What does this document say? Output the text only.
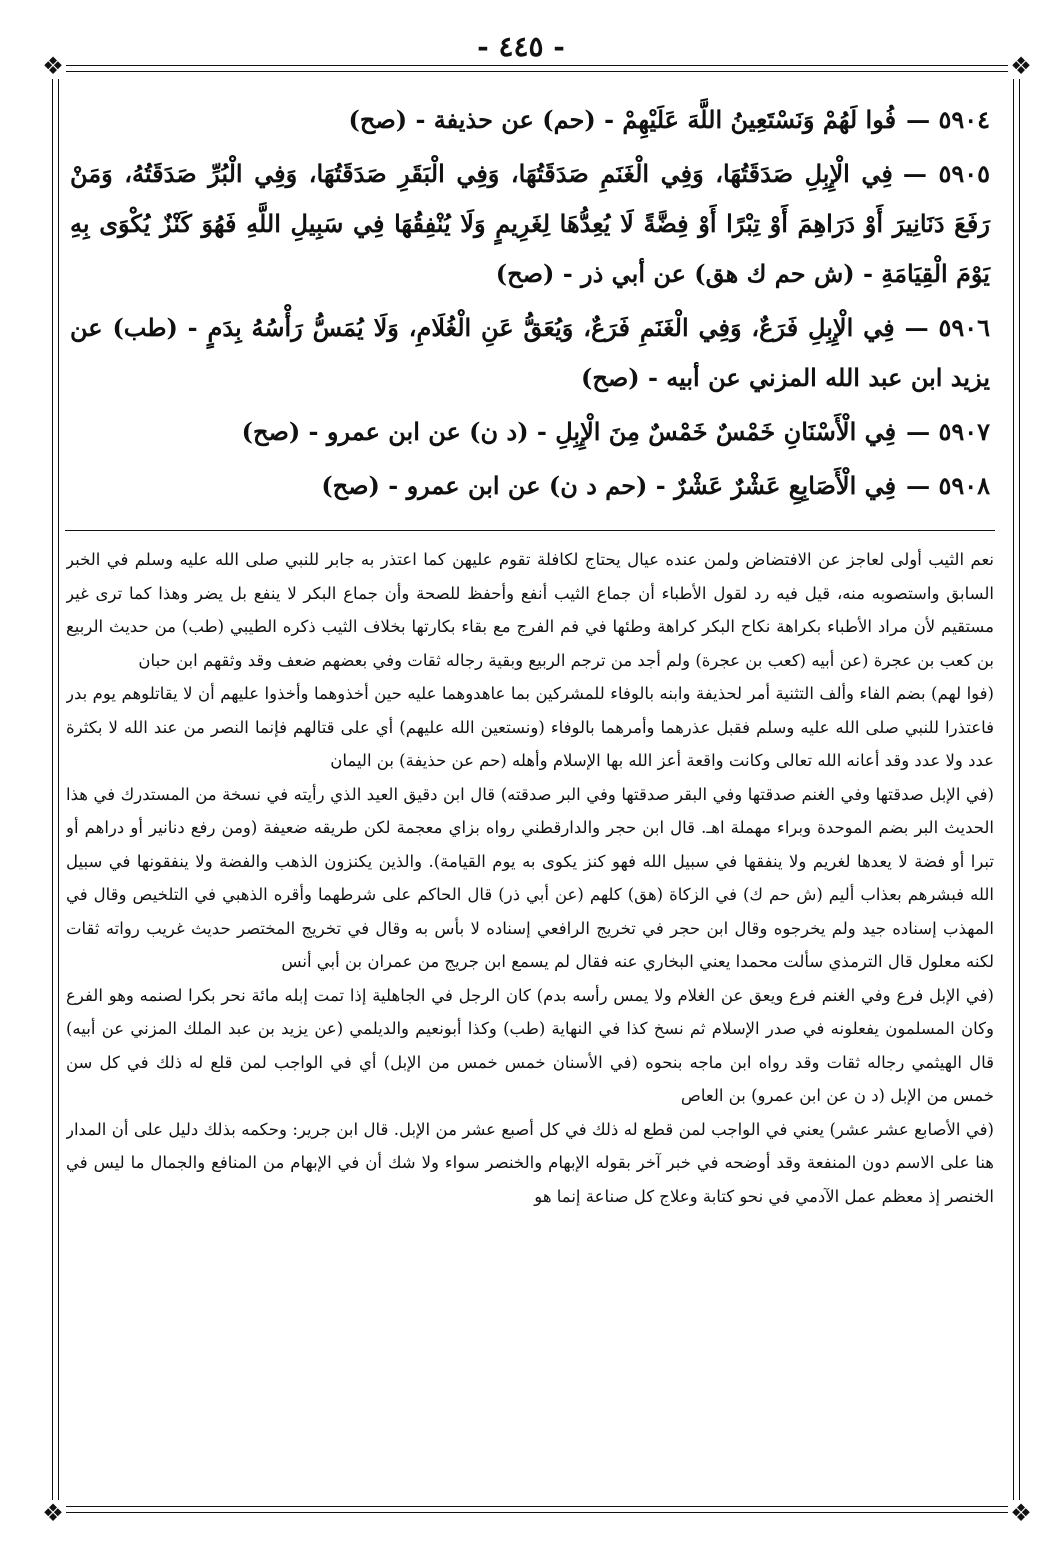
❖	❖
❖	❖
- ٤٤٥ -

٥٩٠٤ —فُوا لَهُمْ وَنَسْتَعِينُ اللَّهَ عَلَيْهِمْ - (حم) عن حذيفة - (صح)

٥٩٠٥ —فِي الْإِبِلِ صَدَقَتُهَا، وَفِي الْغَنَمِ صَدَقَتُهَا، وَفِي الْبَقَرِ صَدَقَتُهَا، وَفِي الْبُرِّ صَدَقَتُهُ، وَمَنْ رَفَعَ دَنَانِيرَ أَوْ دَرَاهِمَ أَوْ تِبْرًا أَوْ فِضَّةً لَا يُعِدُّهَا لِغَرِيمٍ وَلَا يُنْفِقُهَا فِي سَبِيلِ اللَّهِ فَهُوَ كَنْزٌ يُكْوَى بِهِ يَوْمَ الْقِيَامَةِ - (ش حم ك هق) عن أبي ذر - (صح)

٥٩٠٦ —فِي الْإِبِلِ فَرَعٌ، وَفِي الْغَنَمِ فَرَعٌ، وَيُعَقُّ عَنِ الْغُلَامِ، وَلَا يُمَسُّ رَأْسُهُ بِدَمٍ - (طب) عن يزيد ابن عبد الله المزني عن أبيه - (صح)

٥٩٠٧ —فِي الْأَسْنَانِ خَمْسٌ خَمْسٌ مِنَ الْإِبِلِ - (د ن) عن ابن عمرو - (صح)

٥٩٠٨ —فِي الْأَصَابِعِ عَشْرٌ عَشْرٌ - (حم د ن) عن ابن عمرو - (صح)

نعم الثيب أولى لعاجز عن الافتضاض ولمن عنده عيال يحتاج لكافلة تقوم عليهن كما اعتذر به جابر للنبي صلى الله عليه وسلم في الخبر السابق واستصوبه منه، قيل فيه رد لقول الأطباء أن جماع الثيب أنفع وأحفظ للصحة وأن جماع البكر لا ينفع بل يضر وهذا كما ترى غير مستقيم لأن مراد الأطباء بكراهة نكاح البكر كراهة وطئها في فم الفرج مع بقاء بكارتها بخلاف الثيب ذكره الطيبي (طب) من حديث الربيع بن كعب بن عجرة (عن أبيه (كعب بن عجرة) ولم أجد من ترجم الربيع وبقية رجاله ثقات وفي بعضهم ضعف وقد وثقهم ابن حبان

(فوا لهم) بضم الفاء وألف التثنية أمر لحذيفة وابنه بالوفاء للمشركين بما عاهدوهما عليه حين أخذوهما وأخذوا عليهم أن لا يقاتلوهم يوم بدر فاعتذرا للنبي صلى الله عليه وسلم فقبل عذرهما وأمرهما بالوفاء (ونستعين الله عليهم) أي على قتالهم فإنما النصر من عند الله لا بكثرة عدد ولا عدد وقد أعانه الله تعالى وكانت واقعة أعز الله بها الإسلام وأهله (حم عن حذيفة) بن اليمان

(في الإبل صدقتها وفي الغنم صدقتها وفي البقر صدقتها وفي البر صدقته) قال ابن دقيق العيد الذي رأيته في نسخة من المستدرك في هذا الحديث البر بضم الموحدة وبراء مهملة اهـ. قال ابن حجر والدارقطني رواه بزاي معجمة لكن طريقه ضعيفة (ومن رفع دنانير أو دراهم أو تبرا أو فضة لا يعدها لغريم ولا ينفقها في سبيل الله فهو كنز يكوى به يوم القيامة). والذين يكنزون الذهب والفضة ولا ينفقونها في سبيل الله فبشرهم بعذاب أليم (ش حم ك) في الزكاة (هق) كلهم (عن أبي ذر) قال الحاكم على شرطهما وأقره الذهبي في التلخيص وقال في المهذب إسناده جيد ولم يخرجوه وقال ابن حجر في تخريج الرافعي إسناده لا بأس به وقال في تخريج المختصر حديث غريب رواته ثقات لكنه معلول قال الترمذي سألت محمدا يعني البخاري عنه فقال لم يسمع ابن جريج من عمران بن أبي أنس

(في الإبل فرع وفي الغنم فرع ويعق عن الغلام ولا يمس رأسه بدم) كان الرجل في الجاهلية إذا تمت إبله مائة نحر بكرا لصنمه وهو الفرع وكان المسلمون يفعلونه في صدر الإسلام ثم نسخ كذا في النهاية (طب) وكذا أبونعيم والديلمي (عن يزيد بن عبد الملك المزني عن أبيه) قال الهيثمي رجاله ثقات وقد رواه ابن ماجه بنحوه (في الأسنان خمس خمس من الإبل) أي في الواجب لمن قلع له ذلك في كل سن خمس من الإبل (د ن عن ابن عمرو) بن العاص

(في الأصابع عشر عشر) يعني في الواجب لمن قطع له ذلك في كل أصبع عشر من الإبل. قال ابن جرير: وحكمه بذلك دليل على أن المدار هنا على الاسم دون المنفعة وقد أوضحه في خبر آخر بقوله الإبهام والخنصر سواء ولا شك أن في الإبهام من المنافع والجمال ما ليس في الخنصر إذ معظم عمل الآدمي في نحو كتابة وعلاج كل صناعة إنما هو
